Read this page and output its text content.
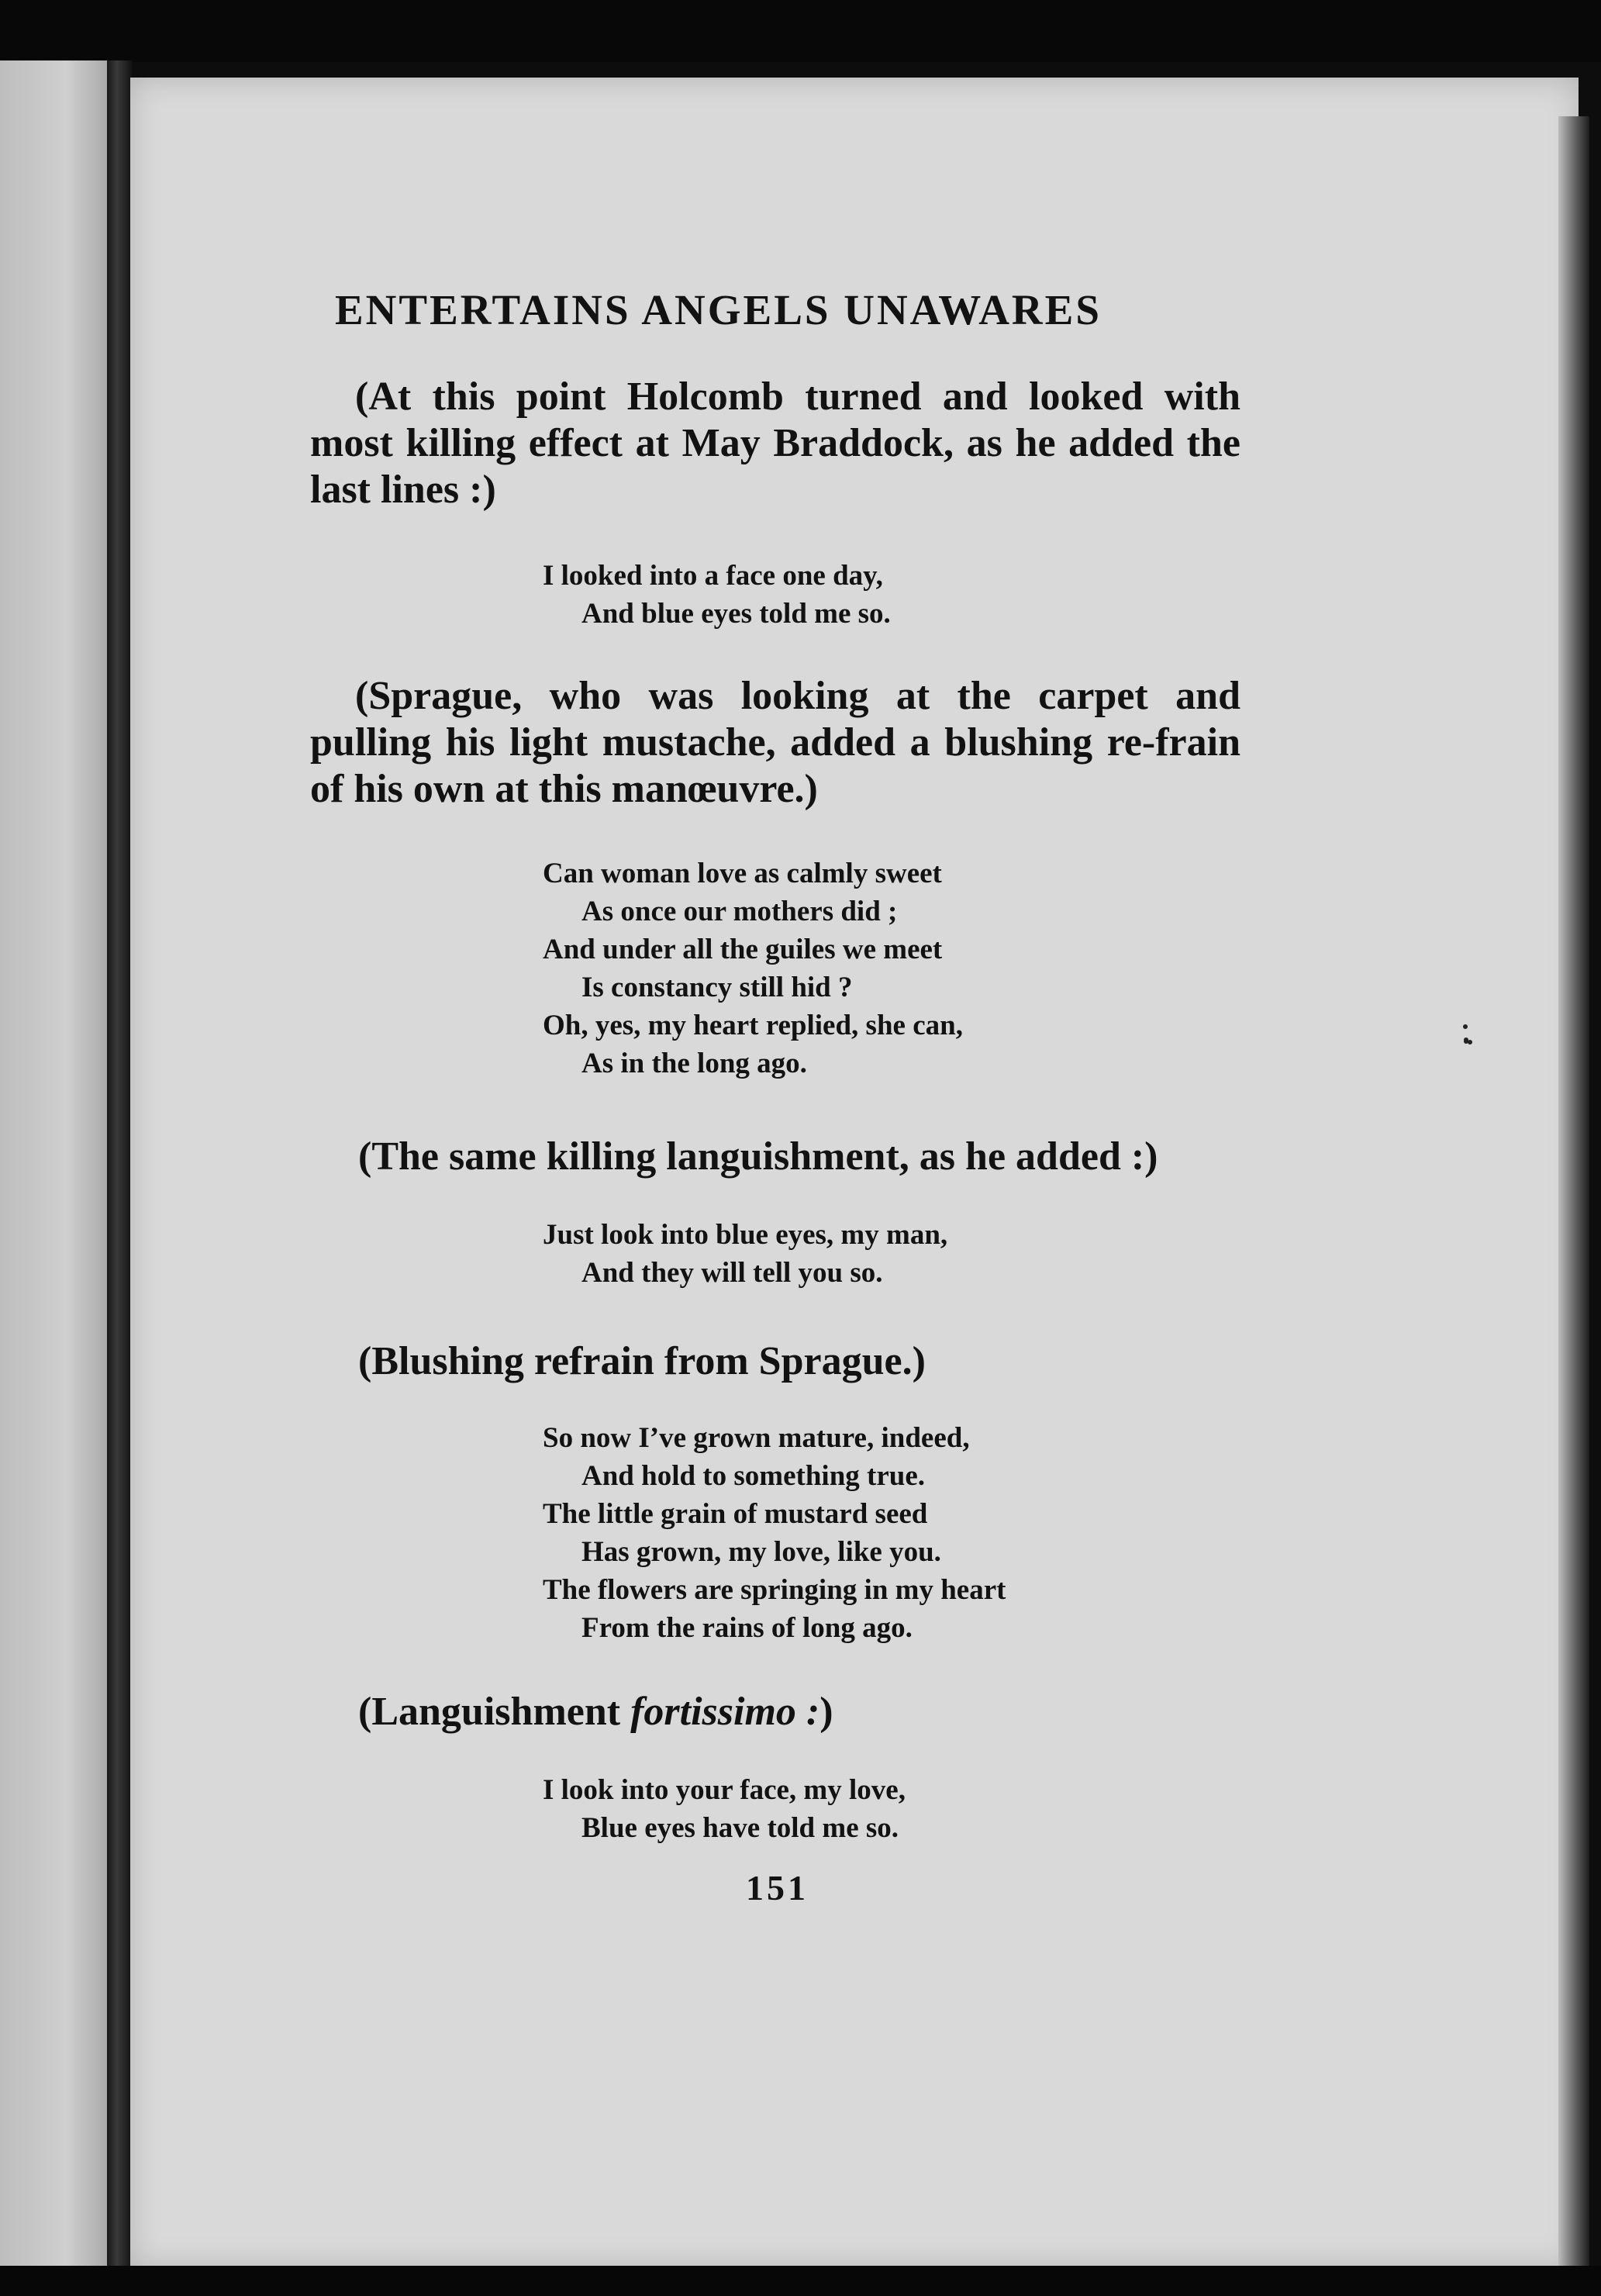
ENTERTAINS ANGELS UNAWARES

(At this point Holcomb turned and looked with most killing effect at May Braddock, as he added the last lines :)

I looked into a face one day,
And blue eyes told me so.

(Sprague, who was looking at the carpet and pulling his light mustache, added a blushing re-frain of his own at this manœuvre.)

Can woman love as calmly sweet
As once our mothers did ;
And under all the guiles we meet
Is constancy still hid ?
Oh, yes, my heart replied, she can,
As in the long ago.

(The same killing languishment, as he added :)

Just look into blue eyes, my man,
And they will tell you so.

(Blushing refrain from Sprague.)

So now I’ve grown mature, indeed,
And hold to something true.
The little grain of mustard seed
Has grown, my love, like you.
The flowers are springing in my heart
From the rains of long ago.

(Languishment fortissimo :)

I look into your face, my love,
Blue eyes have told me so.

151
